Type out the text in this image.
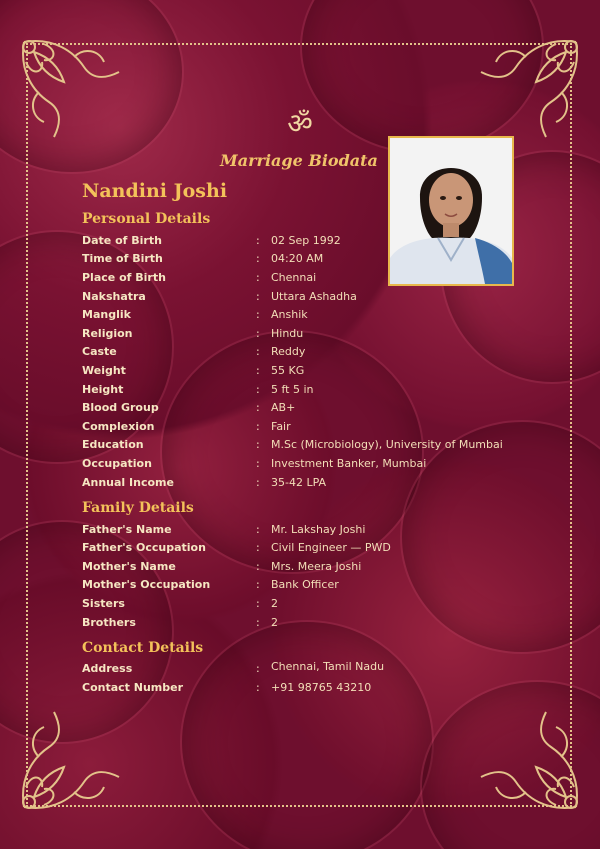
ॐ
Marriage Biodata
Nandini Joshi
Personal Details
Date of Birth	: 02 Sep 1992
Time of Birth	: 04:20 AM
Place of Birth	: Chennai
Nakshatra	: Uttara Ashadha
Manglik	: Anshik
Religion	: Hindu
Caste	: Reddy
Weight	: 55 KG
Height	: 5 ft 5 in
Blood Group	: AB+
Complexion	: Fair
Education	: M.Sc (Microbiology), University of Mumbai
Occupation	: Investment Banker, Mumbai
Annual Income	: 35-42 LPA
Family Details
Father's Name	: Mr. Lakshay Joshi
Father's Occupation	: Civil Engineer — PWD
Mother's Name	: Mrs. Meera Joshi
Mother's Occupation	: Bank Officer
Sisters	: 2
Brothers	: 2
Contact Details
Address	: Chennai, Tamil Nadu
Contact Number	: +91 98765 43210
